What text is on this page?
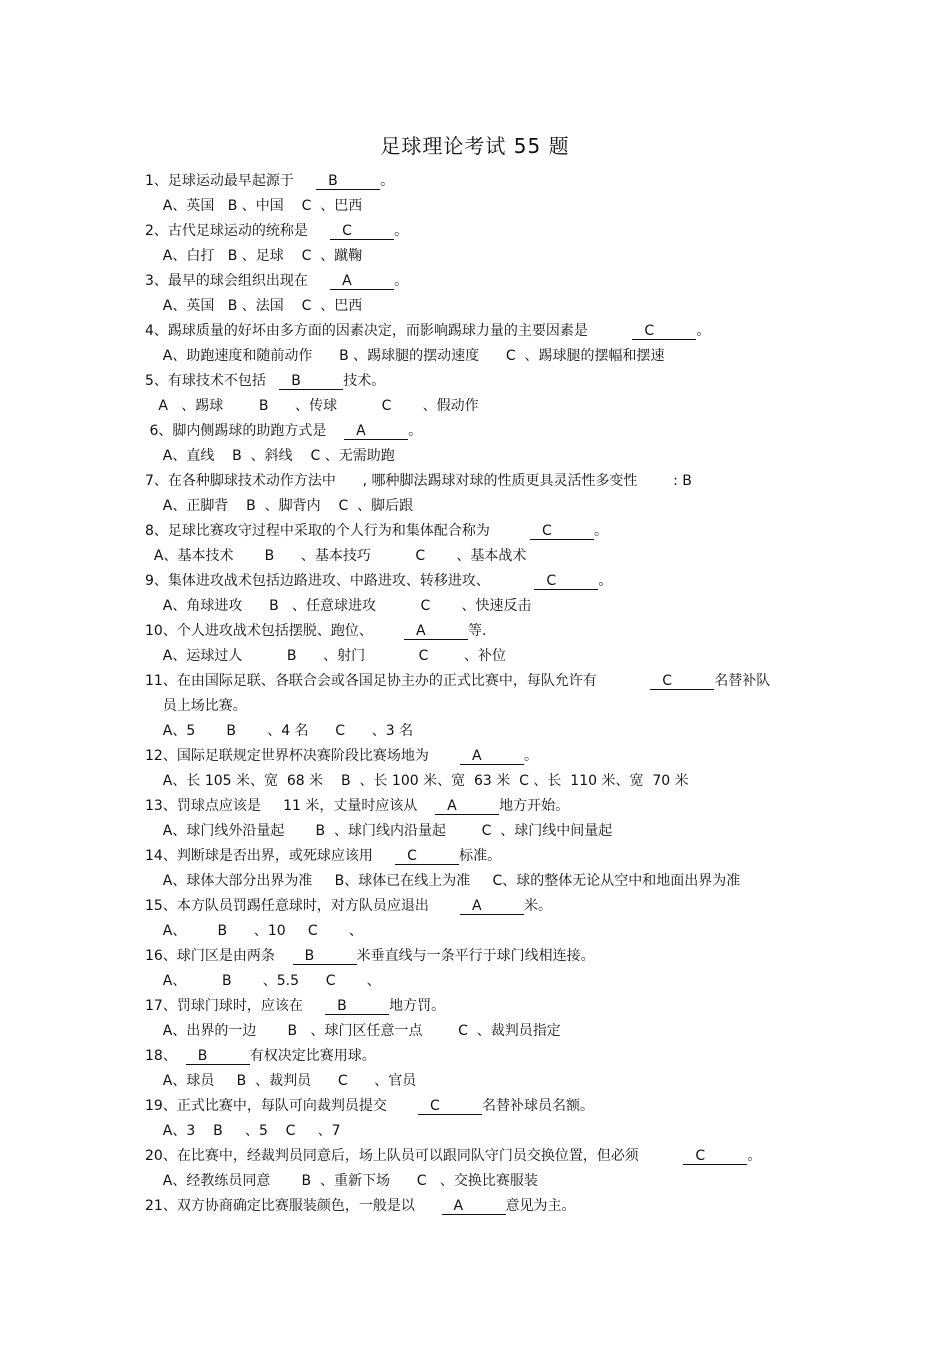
足球理论考试 55 题
1、足球运动最早起源于     B	。
A、英国   B 、中国    C  、巴西
2、古代足球运动的统称是     C	。
A、白打   B 、足球    C  、蹴鞠
3、最早的球会组织出现在     A	。
A、英国   B 、法国    C  、巴西
4、踢球质量的好坏由多方面的因素决定，而影响踢球力量的主要因素是          C	。
A、助跑速度和随前动作      B 、踢球腿的摆动速度      C  、踢球腿的摆幅和摆速
5、有球技术不包括   B	技术。
A   、踢球        B      、传球          C       、假动作
6、脚内侧踢球的助跑方式是    A	。
A、直线    B  、斜线    C 、无需助跑
7、在各种脚球技术动作方法中      , 哪种脚法踢球对球的性质更具灵活性多变性        : B
A、正脚背    B  、脚背内    C  、脚后跟
8、足球比赛攻守过程中采取的个人行为和集体配合称为         C	。
A、基本技术       B      、基本技巧          C       、基本战术
9、集体进攻战术包括边路进攻、中路进攻、转移进攻、          C	。
A、角球进攻      B   、任意球进攻          C       、快速反击
10、个人进攻战术包括摆脱、跑位、       A	等.
A、运球过人          B      、射门            C        、补位
11、在由国际足联、各联合会或各国足协主办的正式比赛中，每队允许有            C	名替补队
员上场比赛。
A、5       B       、4 名      C      、3 名
12、国际足联规定世界杯决赛阶段比赛场地为       A	。
A、长 105 米、宽  68 米    B  、长 100 米、宽  63 米  C 、长  110 米、宽  70 米
13、罚球点应该是     11 米，丈量时应该从    A	地方开始。
A、球门线外沿量起       B  、球门线内沿量起        C  、球门线中间量起
14、判断球是否出界，或死球应该用     C	标准。
A、球体大部分出界为准     B、球体已在线上为准     C、球的整体无论从空中和地面出界为准
15、本方队员罚踢任意球时，对方队员应退出       A	米。
A、       B      、10     C       、
16、球门区是由两条    B	米垂直线与一条平行于球门线相连接。
A、        B       、5.5      C       、
17、罚球门球时，应该在     B	地方罚。
A、出界的一边       B   、球门区任意一点        C  、裁判员指定
18、  B	有权决定比赛用球。
A、球员     B  、裁判员      C      、官员
19、正式比赛中，每队可向裁判员提交       C	名替补球员名额。
A、3    B     、5    C     、7
20、在比赛中，经裁判员同意后，场上队员可以跟同队守门员交换位置，但必须          C	。
A、经教练员同意       B  、重新下场      C   、交换比赛服装
21、双方协商确定比赛服装颜色，一般是以      A	意见为主。
